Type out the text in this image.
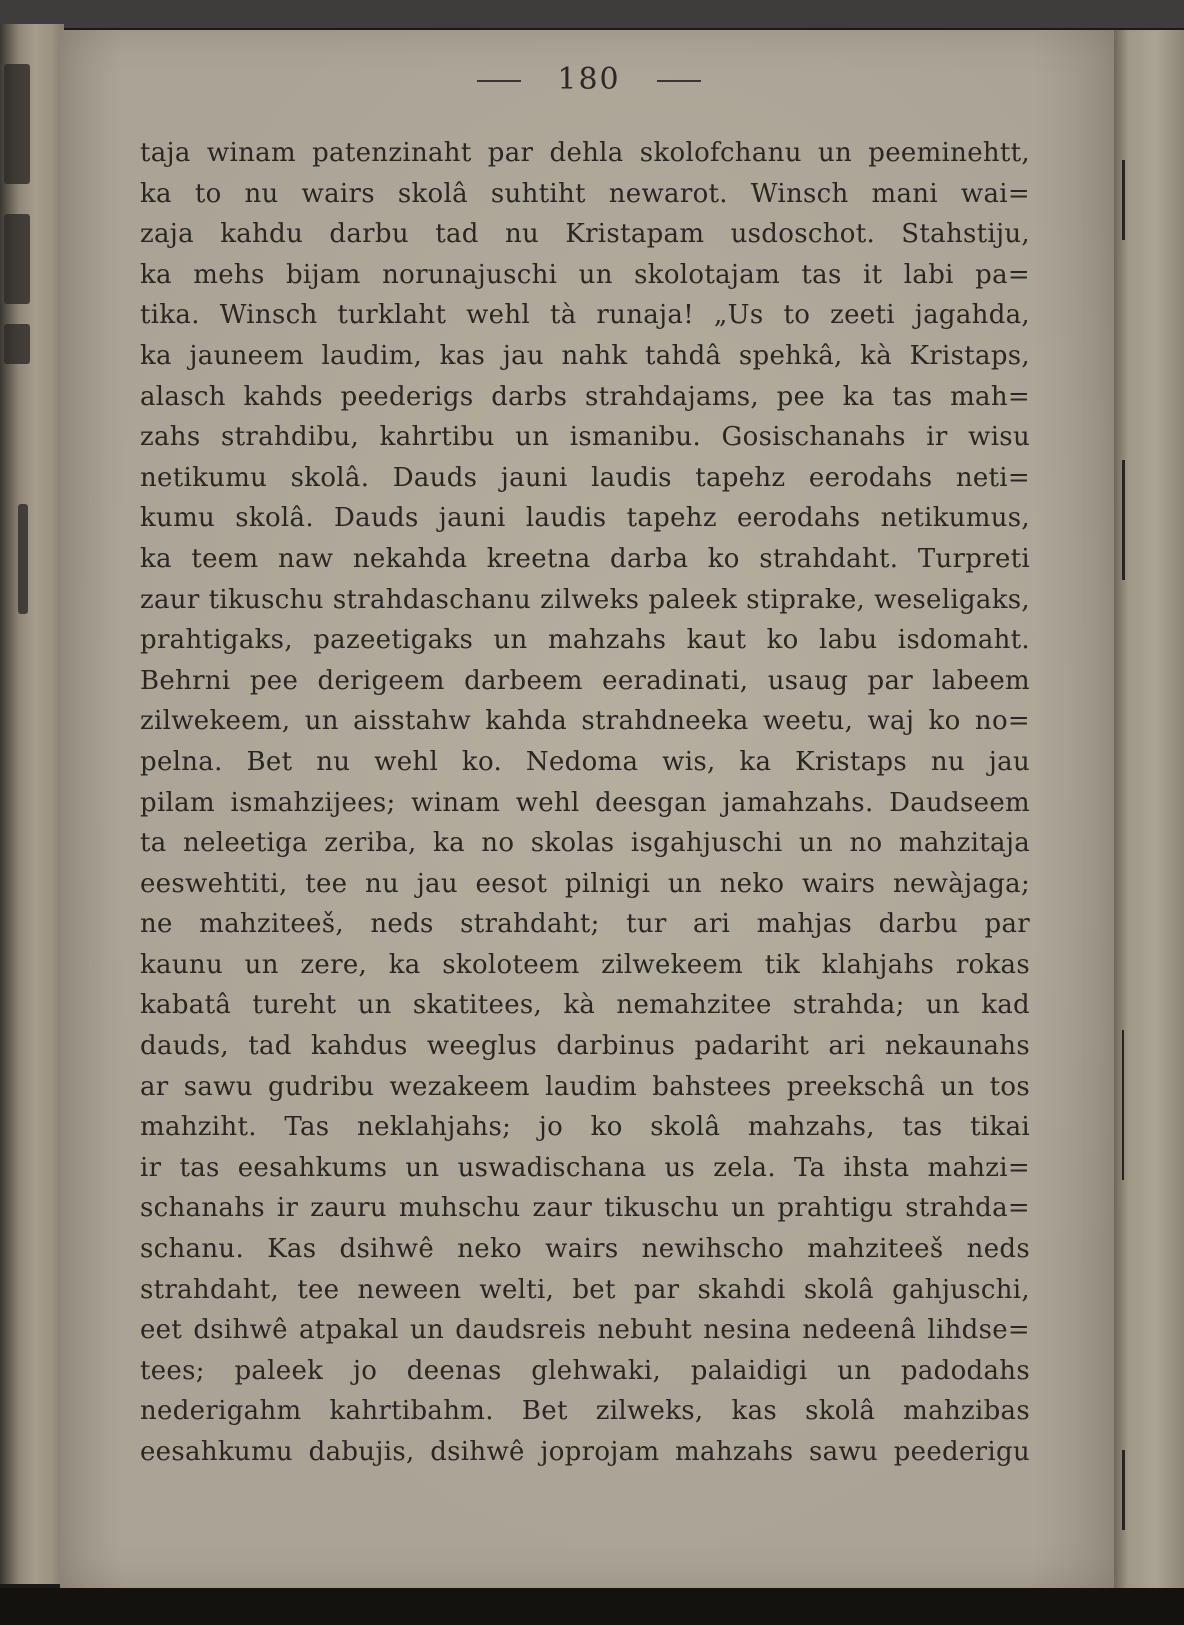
180
taja winam patenzinaht par dehla skolofchanu un peeminehtt,
ka to nu wairs skolâ suhtiht newarot. Winsch mani wai=
zaja kahdu darbu tad nu Kristapam usdoschot. Stahstiju,
ka mehs bijam norunajuschi un skolotajam tas it labi pa=
tika. Winsch turklaht wehl tà runaja! „Us to zeeti jagahda,
ka jauneem laudim, kas jau nahk tahdâ spehkâ, kà Kristaps,
alasch kahds peederigs darbs strahdajams, pee ka tas mah=
zahs strahdibu, kahrtibu un ismanibu. Gosischanahs ir wisu
netikumu skolâ. Dauds jauni laudis tapehz eerodahs neti=
kumu skolâ. Dauds jauni laudis tapehz eerodahs netikumus,
ka teem naw nekahda kreetna darba ko strahdaht. Turpreti
zaur tikuschu strahdaschanu zilweks paleek stiprake, weseligaks,
prahtigaks, pazeetigaks un mahzahs kaut ko labu isdomaht.
Behrni pee derigeem darbeem eeradinati, usaug par labeem
zilwekeem, un aisstahw kahda strahdneeka weetu, waj ko no=
pelna. Bet nu wehl ko. Nedoma wis, ka Kristaps nu jau
pilam ismahzijees; winam wehl deesgan jamahzahs. Daudseem
ta neleetiga zeriba, ka no skolas isgahjuschi un no mahzitaja
eeswehtiti, tee nu jau eesot pilnigi un neko wairs newàjaga;
ne mahziteeš, neds strahdaht; tur ari mahjas darbu par
kaunu un zere, ka skoloteem zilwekeem tik klahjahs rokas
kabatâ tureht un skatitees, kà nemahzitee strahda; un kad
dauds, tad kahdus weeglus darbinus padariht ari nekaunahs
ar sawu gudribu wezakeem laudim bahstees preekschâ un tos
mahziht. Tas neklahjahs; jo ko skolâ mahzahs, tas tikai
ir tas eesahkums un uswadischana us zela. Ta ihsta mahzi=
schanahs ir zauru muhschu zaur tikuschu un prahtigu strahda=
schanu. Kas dsihwê neko wairs newihscho mahziteeš neds
strahdaht, tee neween welti, bet par skahdi skolâ gahjuschi,
eet dsihwê atpakal un daudsreis nebuht nesina nedeenâ lihdse=
tees; paleek jo deenas glehwaki, palaidigi un padodahs
nederigahm kahrtibahm. Bet zilweks, kas skolâ mahzibas
eesahkumu dabujis, dsihwê joprojam mahzahs sawu peederigu
